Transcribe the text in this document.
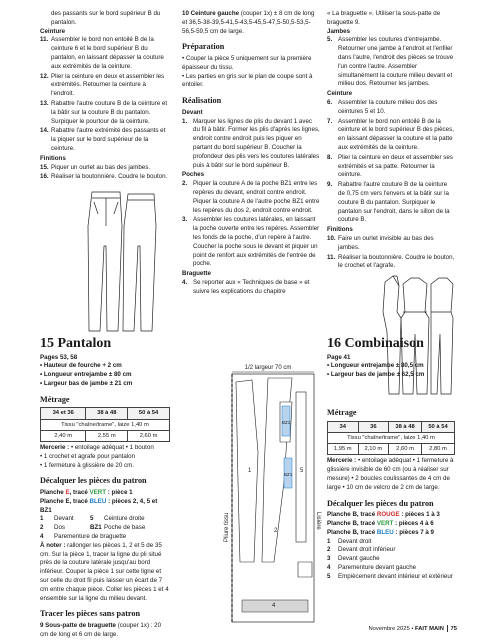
des passants sur le bord supérieur B du pantalon.

Ceinture

11. Assembler le bord non entoilé B de la ceinture 6 et le bord supérieur B du pantalon, en laissant dépasser la couture aux extrémités de la ceinture.
12. Plier la ceinture en deux et assembler les extrémités. Retourner la ceinture à l'endroit.
13. Rabattre l'autre couture B de la ceinture et la bâtir sur la couture B du pantalon. Surpiquer le pourtour de la ceinture.
14. Rabattre l'autre extrémité des passants et la piquer sur le bord supérieur de la ceinture.

Finitions

15. Piquer un ourlet au bas des jambes.
16. Réaliser la boutonnière. Coudre le bouton.

15 Pantalon

Pages 53, 58

• Hauteur de fourche + 2 cm

• Longueur entrejambe ± 80 cm

• Largeur bas de jambe ± 21 cm

Métrage

34 et 36	38 à 48	50 à 54
Tissu "chaîne/trame", laize 1,40 m		
2,40 m	2,55 m	2,60 m

Mercerie : • entoilage adéquat • 1 bouton

• 1 crochet et agrafe pour pantalon

• 1 fermeture à glissière de 20 cm.

Décalquer les pièces du patron

Planche E, tracé VERT : pièce 1

Planche E, tracé BLEU : pièces 2, 4, 5 et

BZ1

1	Devant	5	Ceinture droite
2	Dos	BZ1 Poche de base
4	Parementure de braguette

À noter : rallonger les pièces 1, 2 et 5 de 35 cm. Sur la pièce 1, tracer la ligne du pli situé près de la couture latérale jusqu'au bord inférieur. Couper la pièce 1 sur cette ligne et sur celle du droit fil puis laisser un écart de 7 cm entre chaque pièce. Coller les pièces 1 et 4 ensemble sur la ligne du milieu devant.

Tracer les pièces sans patron

9 Sous-patte de braguette (couper 1x) : 20 cm de long et 6 cm de large.

10 Ceinture gauche (couper 1x) ± 8 cm de long et 36,5-38-39,5-41,5-43,5-45,5-47,5-50,5-53,5-56,5-59,5 cm de large.

Préparation

• Couper la pièce 5 uniquement sur la première épaisseur du tissu.

• Les parties en gris sur le plan de coupe sont à entoiler.

Réalisation

Devant

1. Marquer les lignes de plis du devant 1 avec du fil à bâtir. Former les plis d'après les lignes, endroit contre endroit puis les piquer en partant du bord supérieur B. Coucher la profondeur des plis vers les coutures latérales puis à bâtir sur le bord supérieur B.

Poches

2. Piquer la couture A de la poche BZ1 entre les repères du devant, endroit contre endroit. Piquer la couture A de l'autre poche BZ1 entre les repères du dos 2, endroit contre endroit.
3. Assembler les coutures latérales, en laissant la poche ouverte entre les repères. Assembler les fonds de la poche, d'un repère à l'autre. Coucher la poche sous le devant et piquer un point de renfort aux extrémités de l'entrée de poche.

Braguette

4. Se reporter aux « Techniques de base » et suivre les explications du chapitre
1/2 largeur 70 cm
1
2
5
4
BZ1
BZ1
Pliure tissu	Lisière

« La braguette ». Utiliser la sous-patte de braguette 9.

Jambes

5. Assembler les coutures d'entrejambe. Retourner une jambe à l'endroit et l'enfiler dans l'autre, l'endroit des pièces se trouve l'un contre l'autre. Assembler simultanément la couture milieu devant et milieu dos. Retourner les jambes.

Ceinture

6. Assembler la couture milieu dos des ceintures 5 et 10.
7. Assembler le bord non entoilé B de la ceinture et le bord supérieur B des pièces, en laissant dépasser la couture et la patte aux extrémités de la ceinture.
8. Plier la ceinture en deux et assembler ses extrémités et sa patte. Retourner la ceinture.
9. Rabattre l'autre couture B de la ceinture de 0,75 cm vers l'envers et la bâtir sur la couture B du pantalon. Surpiquer le pantalon sur l'endroit, dans le sillon de la couture B.

Finitions

10. Faire un ourlet invisible au bas des jambes.
11. Réaliser la boutonnière. Coudre le bouton, le crochet et l'agrafe.

16 Combinaison

Page 41

• Longueur entrejambe ± 80,5 cm

• Largeur bas de jambe ± 62,5 cm

Métrage

34	36	38 à 48	50 à 54
Tissu "chaîne/trame", laize 1,40 m			
1,95 m	2,10 m	2,60 m	2,80 m

Mercerie : • entoilage adéquat • 1 fermeture à glissière invisible de 60 cm (ou à réaliser sur mesure) • 2 boucles coulissantes de 4 cm de large • 10 cm de velcro de 2 cm de large.

Décalquer les pièces du patron

Planche B, tracé ROUGE : pièces 1 à 3

Planche B, tracé VERT : pièces 4 à 6

Planche B, tracé BLEU : pièces 7 à 9

1	Devant droit
2	Devant droit inférieur
3	Devant gauche
4	Parementure devant gauche
5	Empiècement devant intérieur et extérieur
Novembre 2025 • FAIT MAIN 75
